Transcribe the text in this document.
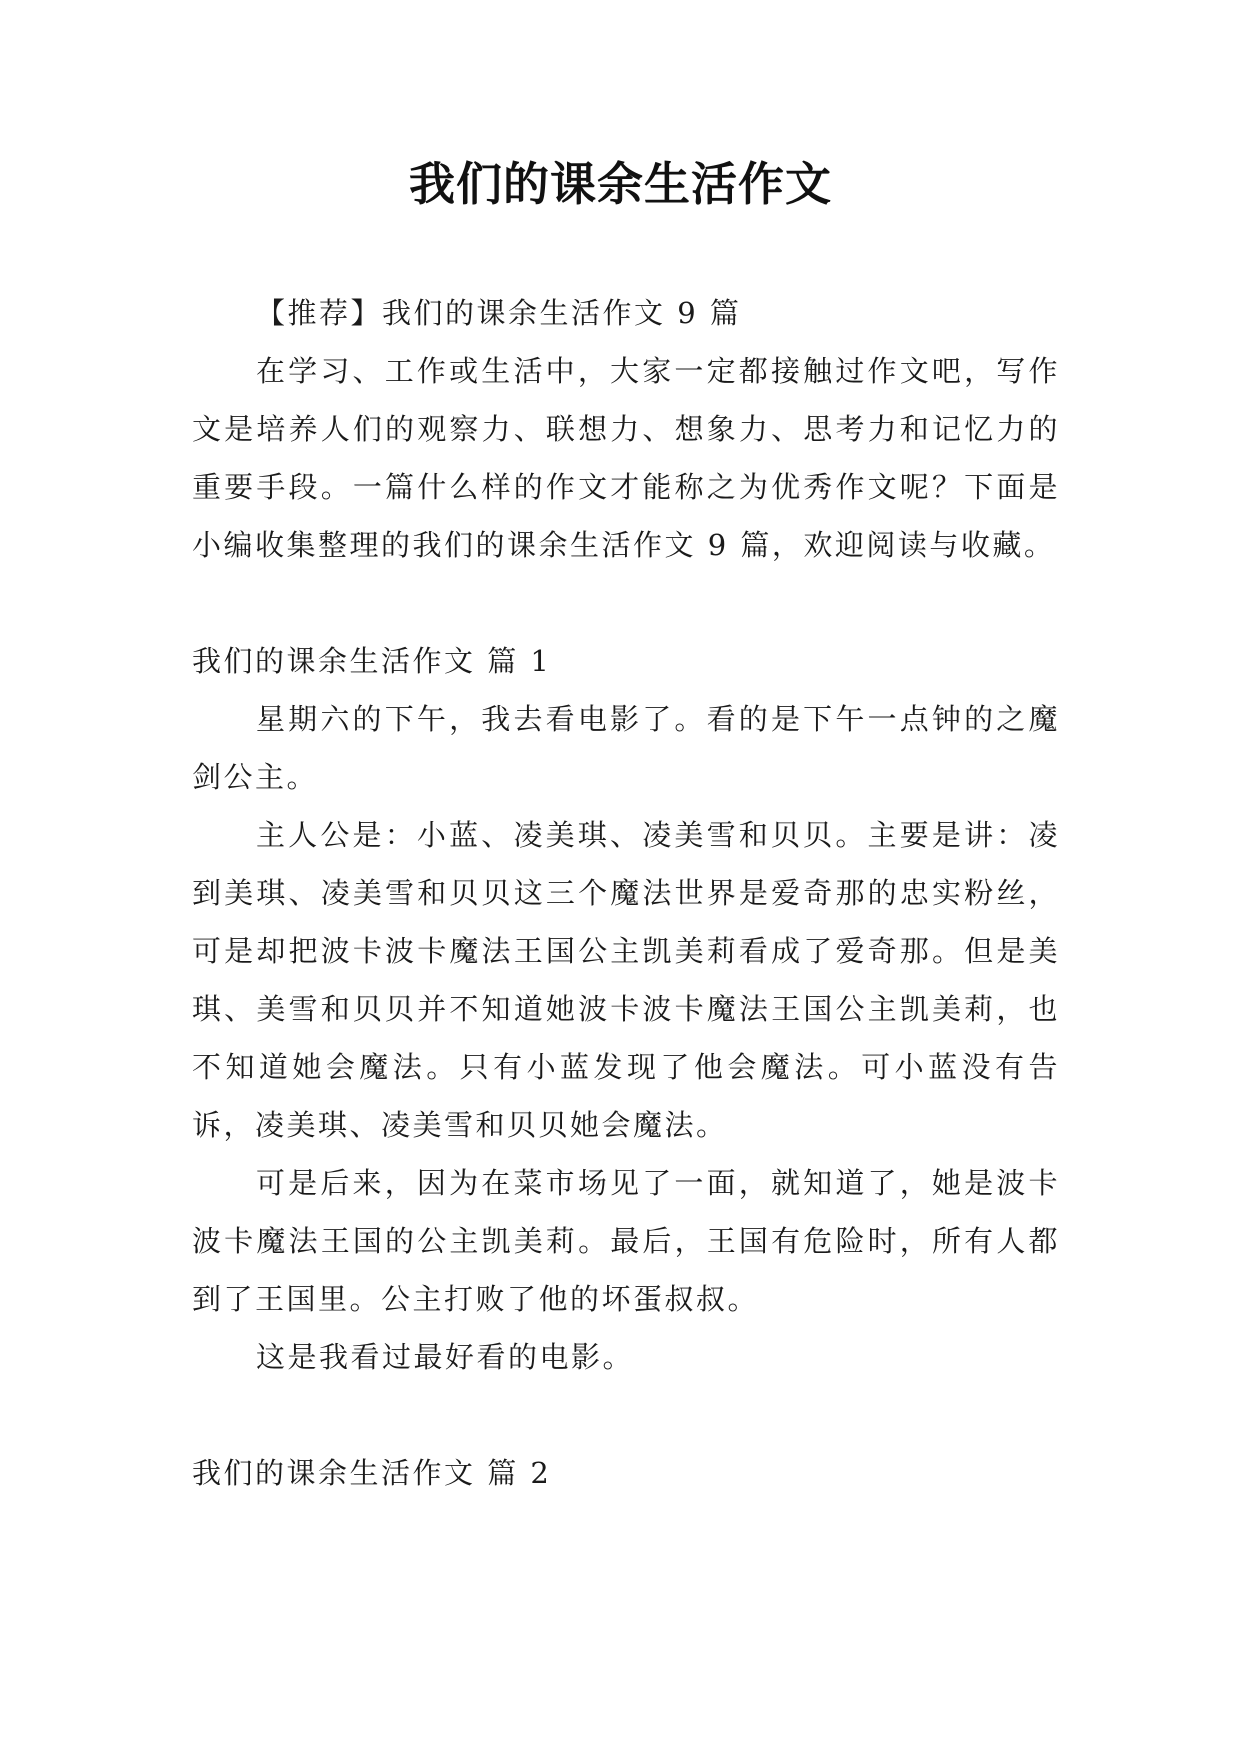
我们的课余生活作文

【推荐】我们的课余生活作文 9 篇

在学习、工作或生活中，大家一定都接触过作文吧，写作文是培养人们的观察力、联想力、想象力、思考力和记忆力的重要手段。一篇什么样的作文才能称之为优秀作文呢？下面是小编收集整理的我们的课余生活作文 9 篇，欢迎阅读与收藏。

我们的课余生活作文 篇 1

星期六的下午，我去看电影了。看的是下午一点钟的之魔剑公主。

主人公是：小蓝、凌美琪、凌美雪和贝贝。主要是讲：凌到美琪、凌美雪和贝贝这三个魔法世界是爱奇那的忠实粉丝，可是却把波卡波卡魔法王国公主凯美莉看成了爱奇那。但是美琪、美雪和贝贝并不知道她波卡波卡魔法王国公主凯美莉，也不知道她会魔法。只有小蓝发现了他会魔法。可小蓝没有告诉，凌美琪、凌美雪和贝贝她会魔法。

可是后来，因为在菜市场见了一面，就知道了，她是波卡波卡魔法王国的公主凯美莉。最后，王国有危险时，所有人都到了王国里。公主打败了他的坏蛋叔叔。

这是我看过最好看的电影。

我们的课余生活作文 篇 2
